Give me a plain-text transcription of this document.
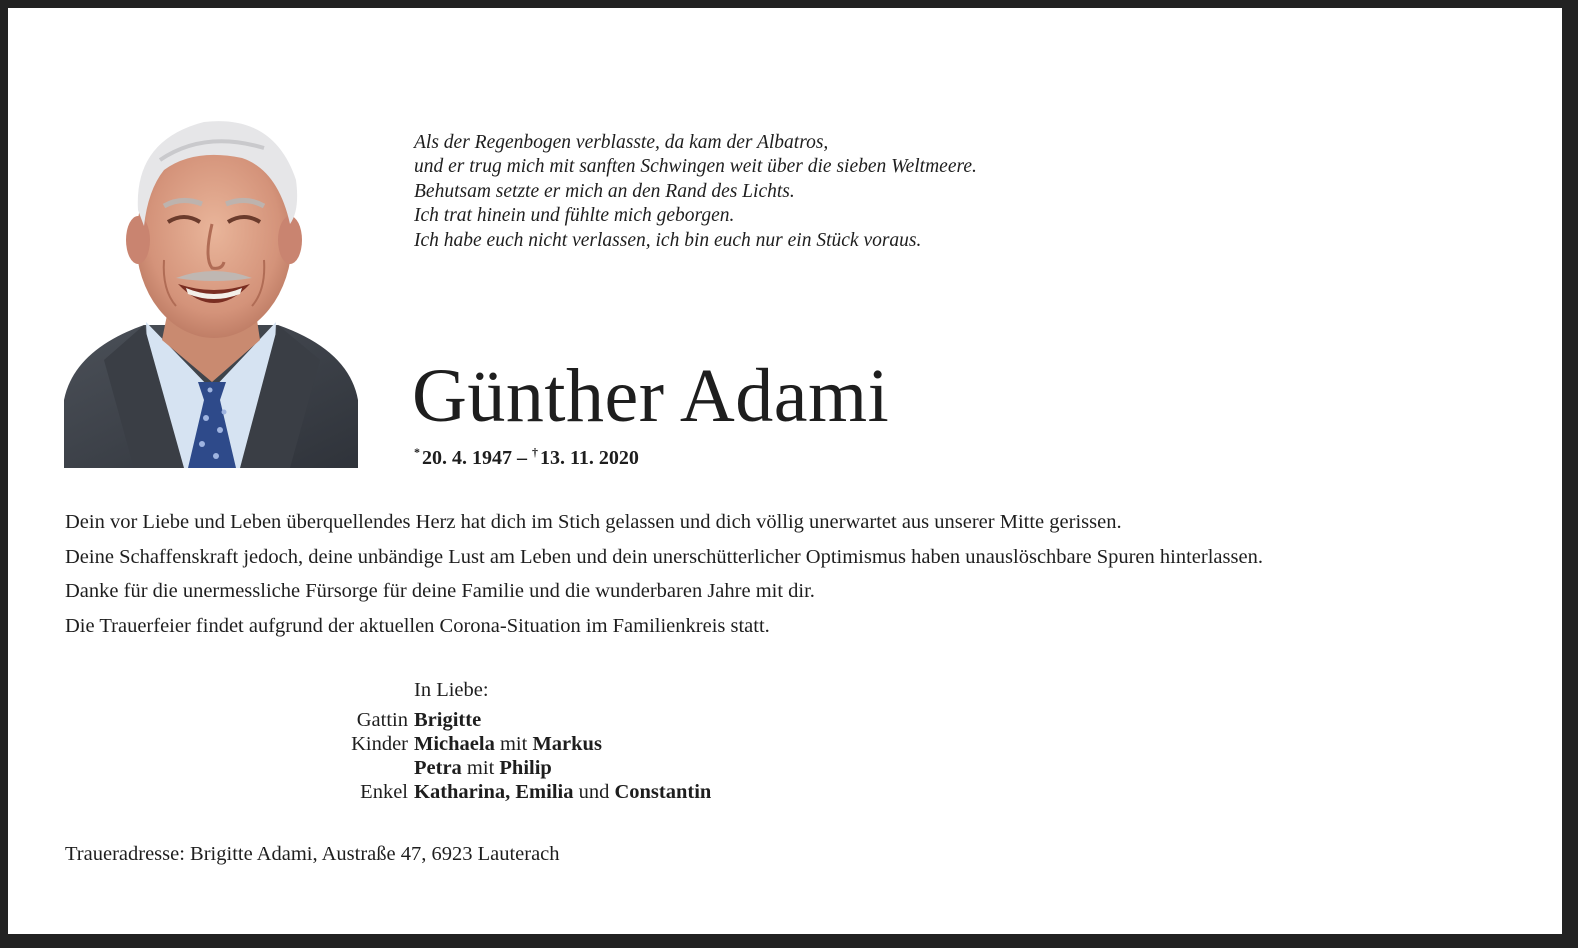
Als der Regenbogen verblasste, da kam der Albatros,
und er trug mich mit sanften Schwingen weit über die sieben Weltmeere.
Behutsam setzte er mich an den Rand des Lichts.
Ich trat hinein und fühlte mich geborgen.
Ich habe euch nicht verlassen, ich bin euch nur ein Stück voraus.
Günther Adami
* 20. 4. 1947 – † 13. 11. 2020
Dein vor Liebe und Leben überquellendes Herz hat dich im Stich gelassen und dich völlig unerwartet aus unserer Mitte gerissen.
Deine Schaffenskraft jedoch, deine unbändige Lust am Leben und dein unerschütterlicher Optimismus haben unauslöschbare Spuren hinterlassen.
Danke für die unermessliche Fürsorge für deine Familie und die wunderbaren Jahre mit dir.
Die Trauerfeier findet aufgrund der aktuellen Corona-Situation im Familienkreis statt.
In Liebe:
Gattin Brigitte
Kinder Michaela mit Markus
Petra mit Philip
Enkel Katharina, Emilia und Constantin
Traueradresse: Brigitte Adami, Austraße 47, 6923 Lauterach
